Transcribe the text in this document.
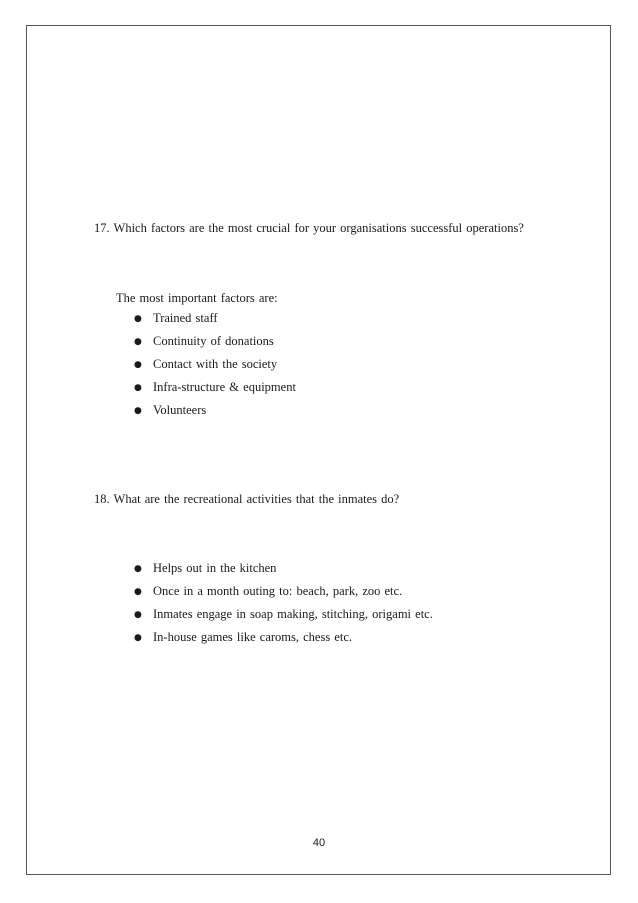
17. Which factors are the most crucial for your organisations successful operations?
The most important factors are:
● Trained staff
● Continuity of donations
● Contact with the society
● Infra-structure & equipment
● Volunteers
18. What are the recreational activities that the inmates do?
● Helps out in the kitchen
● Once in a month outing to: beach, park, zoo etc.
● Inmates engage in soap making, stitching, origami etc.
● In-house games like caroms, chess etc.
40
